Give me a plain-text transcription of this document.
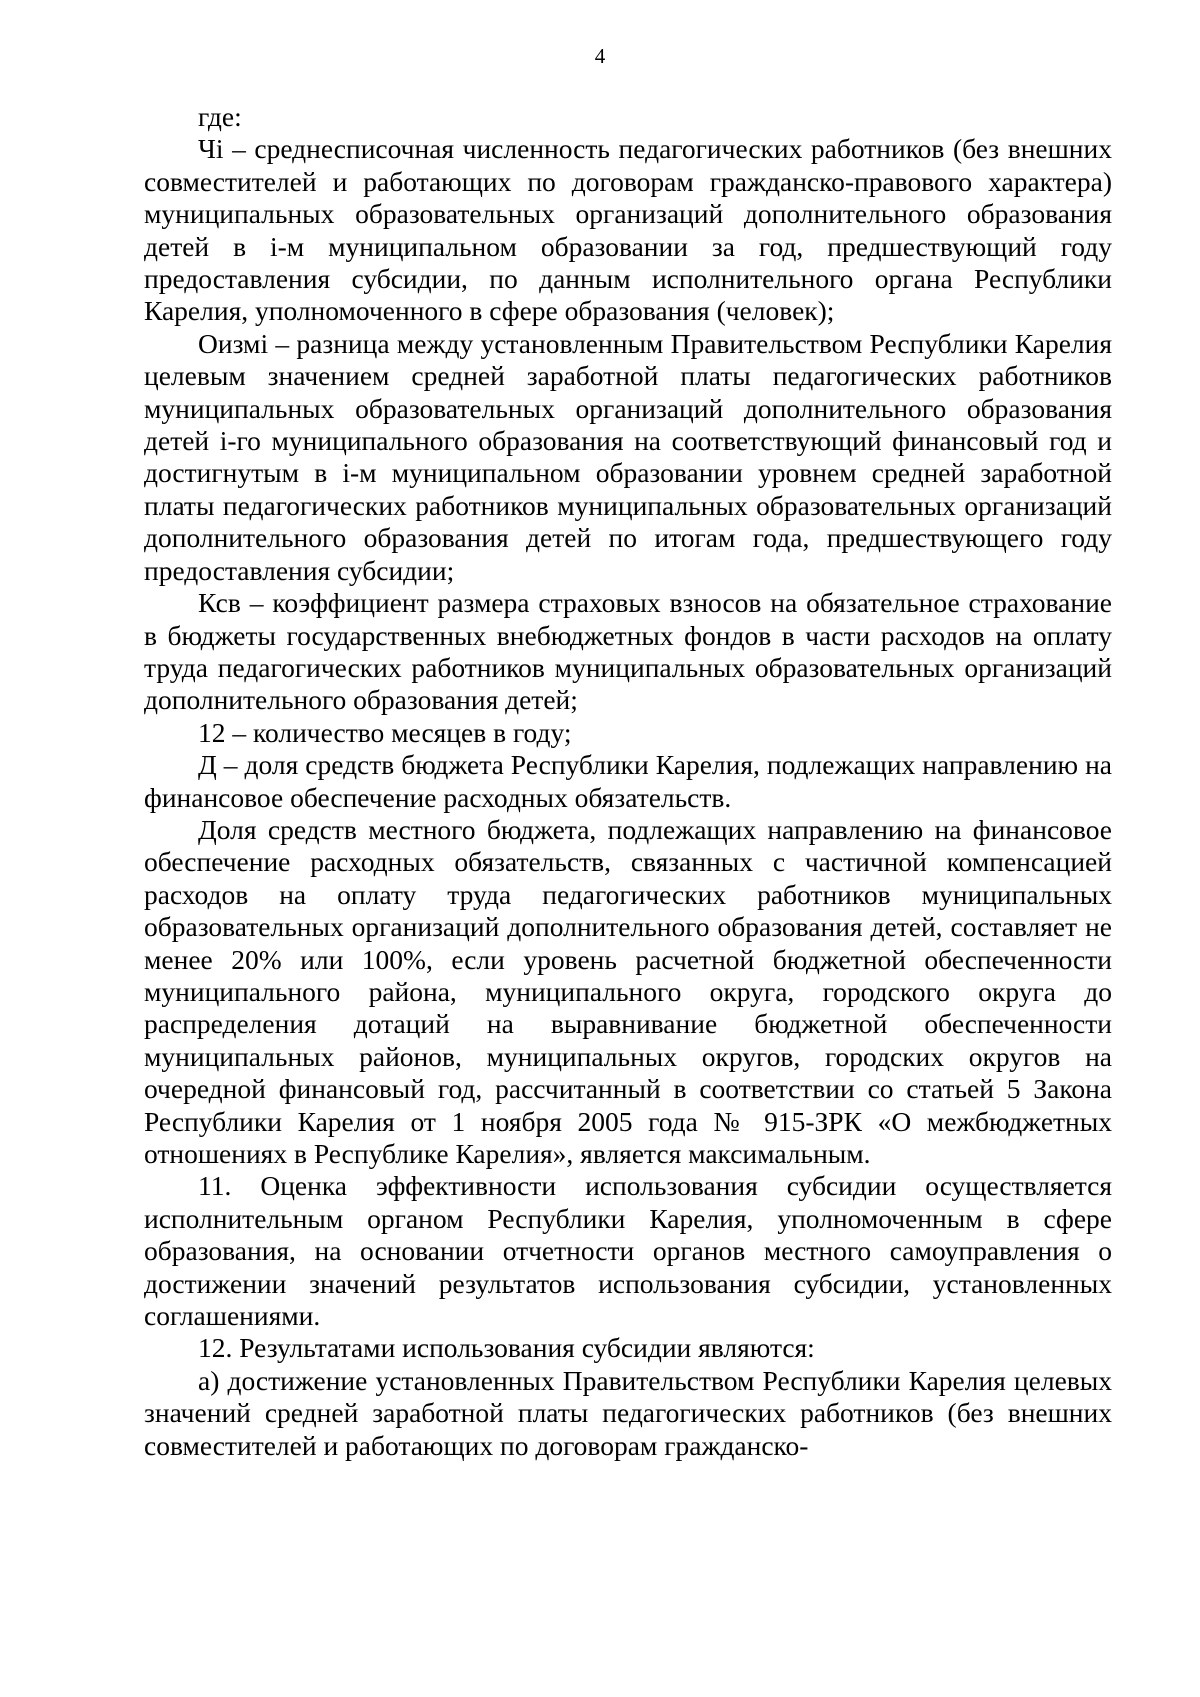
4

где:

Чi – среднесписочная численность педагогических работников (без внешних совместителей и работающих по договорам гражданско-правового характера) муниципальных образовательных организаций дополнительного образования детей в i-м муниципальном образовании за год, предшествующий году предоставления субсидии, по данным исполнительного органа Республики Карелия, уполномоченного в сфере образования (человек);

Оизмi – разница между установленным Правительством Республики Карелия целевым значением средней заработной платы педагогических работников муниципальных образовательных организаций дополнительного образования детей i-го муниципального образования на соответствующий финансовый год и достигнутым в i-м муниципальном образовании уровнем средней заработной платы педагогических работников муниципальных образовательных организаций дополнительного образования детей по итогам года, предшествующего году предоставления субсидии;

Ксв – коэффициент размера страховых взносов на обязательное страхование в бюджеты государственных внебюджетных фондов в части расходов на оплату труда педагогических работников муниципальных образовательных организаций дополнительного образования детей;

12 – количество месяцев в году;

Д – доля средств бюджета Республики Карелия, подлежащих направлению на финансовое обеспечение расходных обязательств.

Доля средств местного бюджета, подлежащих направлению на финансовое обеспечение расходных обязательств, связанных с частичной компенсацией расходов на оплату труда педагогических работников муниципальных образовательных организаций дополнительного образования детей, составляет не менее 20% или 100%, если уровень расчетной бюджетной обеспеченности муниципального района, муниципального округа, городского округа до распределения дотаций на выравнивание бюджетной обеспеченности муниципальных районов, муниципальных округов, городских округов на очередной финансовый год, рассчитанный в соответствии со статьей 5 Закона Республики Карелия от 1 ноября 2005 года № 915-ЗРК «О межбюджетных отношениях в Республике Карелия», является максимальным.

11. Оценка эффективности использования субсидии осуществляется исполнительным органом Республики Карелия, уполномоченным в сфере образования, на основании отчетности органов местного самоуправления о достижении значений результатов использования субсидии, установленных соглашениями.

12. Результатами использования субсидии являются:

а) достижение установленных Правительством Республики Карелия целевых значений средней заработной платы педагогических работников (без внешних совместителей и работающих по договорам гражданско-
